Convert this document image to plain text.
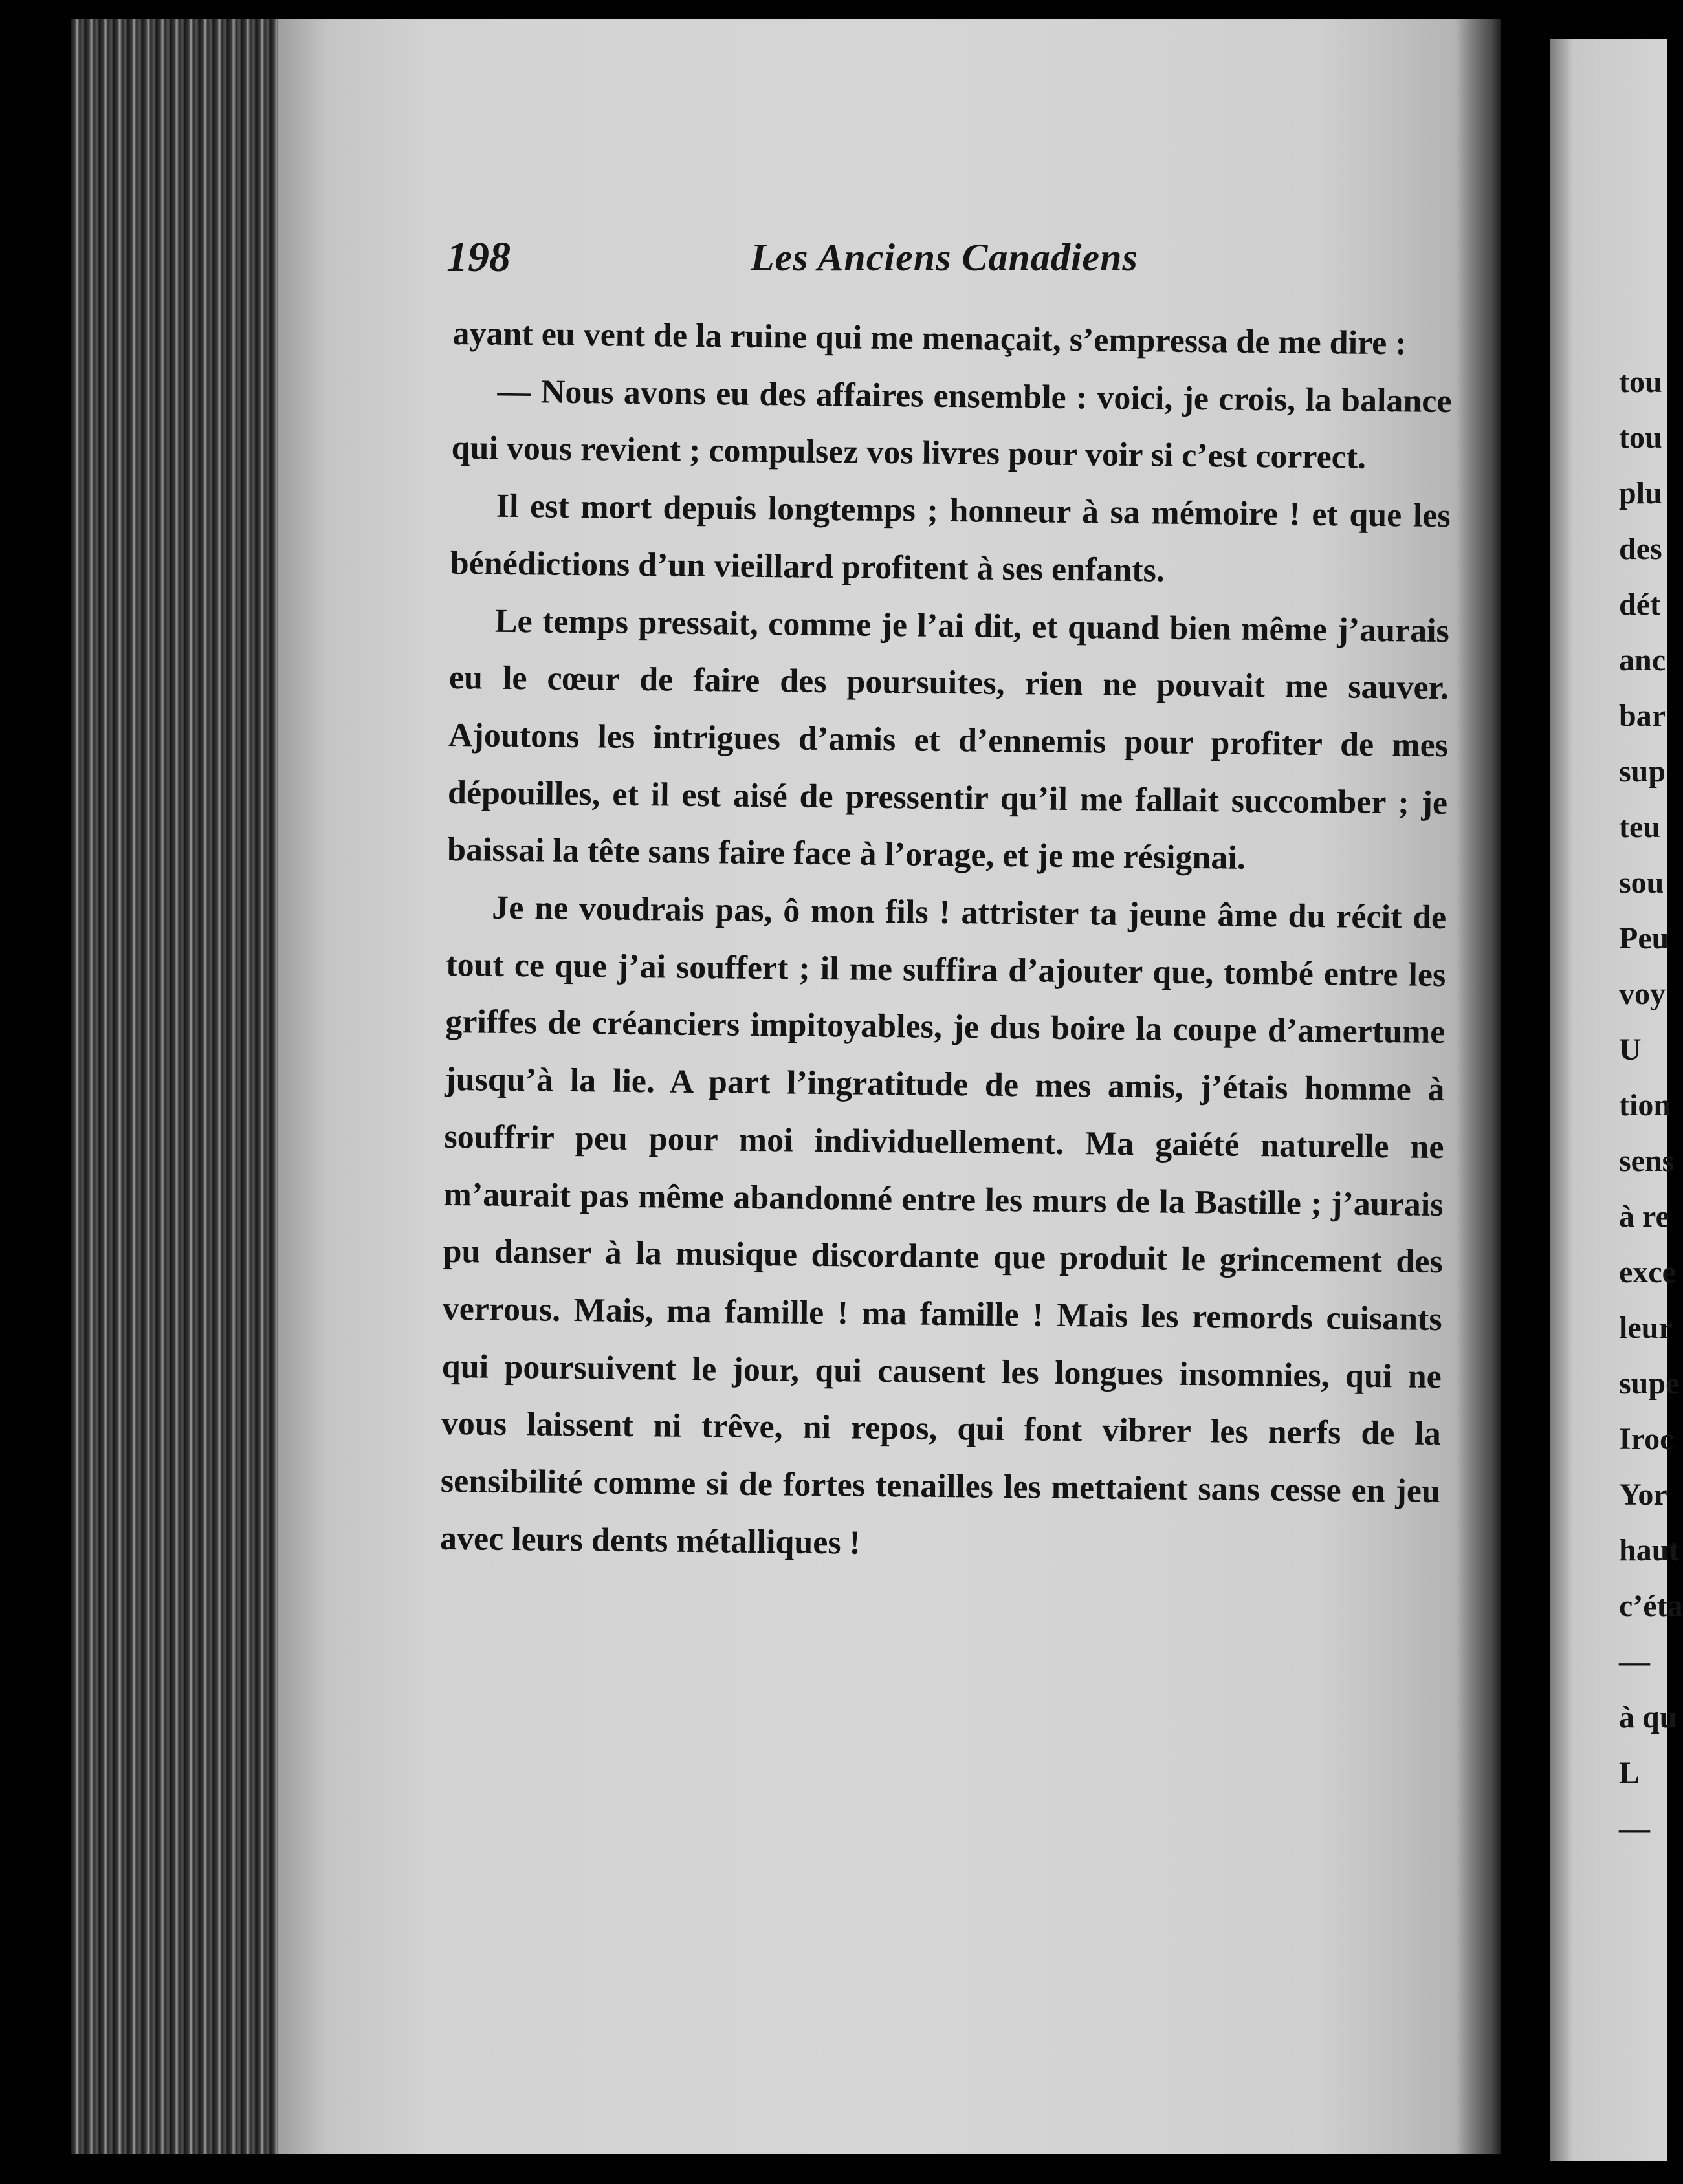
198	Les Anciens Canadiens

ayant eu vent de la ruine qui me menaçait, s’empressa de me dire :

— Nous avons eu des affaires ensemble : voici, je crois, la balance qui vous revient ; compulsez vos livres pour voir si c’est correct.

Il est mort depuis longtemps ; honneur à sa mémoire ! et que les bénédictions d’un vieillard profitent à ses enfants.

Le temps pressait, comme je l’ai dit, et quand bien même j’aurais eu le cœur de faire des poursuites, rien ne pouvait me sauver. Ajoutons les intrigues d’amis et d’ennemis pour profiter de mes dépouilles, et il est aisé de pressentir qu’il me fallait succomber ; je baissai la tête sans faire face à l’orage, et je me résignai.

Je ne voudrais pas, ô mon fils ! attrister ta jeune âme du récit de tout ce que j’ai souffert ; il me suffira d’ajouter que, tombé entre les griffes de créanciers impitoyables, je dus boire la coupe d’amertume jusqu’à la lie. A part l’ingratitude de mes amis, j’étais homme à souffrir peu pour moi individuellement. Ma gaiété naturelle ne m’aurait pas même abandonné entre les murs de la Bastille ; j’aurais pu danser à la musique discordante que produit le grincement des verrous. Mais, ma famille ! ma famille ! Mais les remords cuisants qui poursuivent le jour, qui causent les longues insomnies, qui ne vous laissent ni trêve, ni repos, qui font vibrer les nerfs de la sensibilité comme si de fortes tenailles les mettaient sans cesse en jeu avec leurs dents métalliques !

tou
tou
plu
des
dét
anc
bar
sup
teu
sou
Peu
voy
U
tion
sens
à re
exce
leur
supe
Iroc
Yor
haut
c’éta
—
à qu
L
—
